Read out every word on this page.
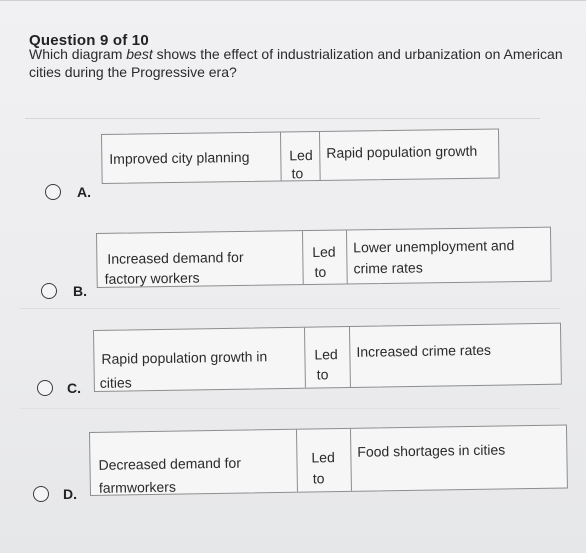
Question 9 of 10
Which diagram best shows the effect of industrialization and urbanization on American cities during the Progressive era?
A.
Improved city planning	Led
to
Rapid population growth
B.
Increased demand for
factory workers
Led
to
Lower unemployment and
crime rates
C.
Rapid population growth in
cities
Led
to
Increased crime rates
D.
Decreased demand for
farmworkers
Led
to
Food shortages in cities
